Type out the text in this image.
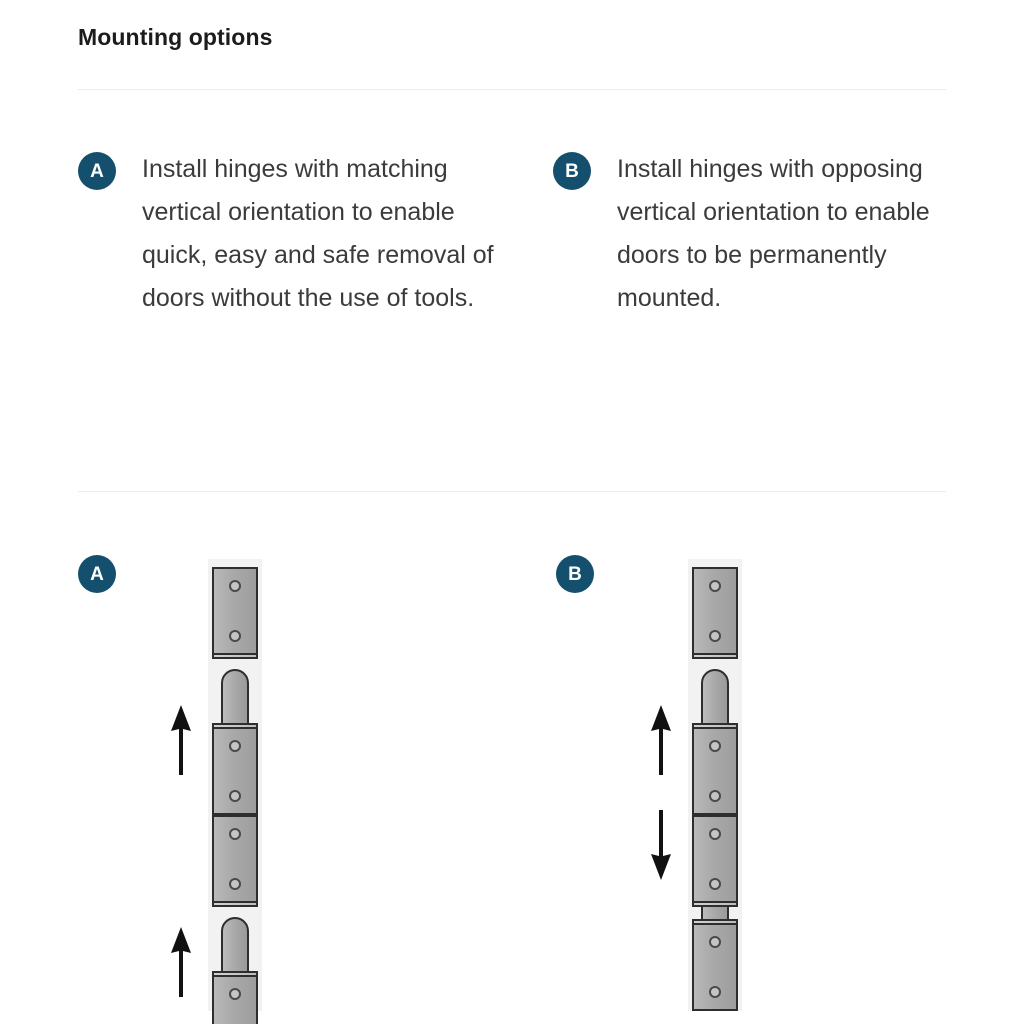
Mounting options
A	Install hinges with matching vertical orientation to enable quick, easy and safe removal of doors without the use of tools.
B	Install hinges with opposing vertical orientation to enable doors to be permanently mounted.
A	B
